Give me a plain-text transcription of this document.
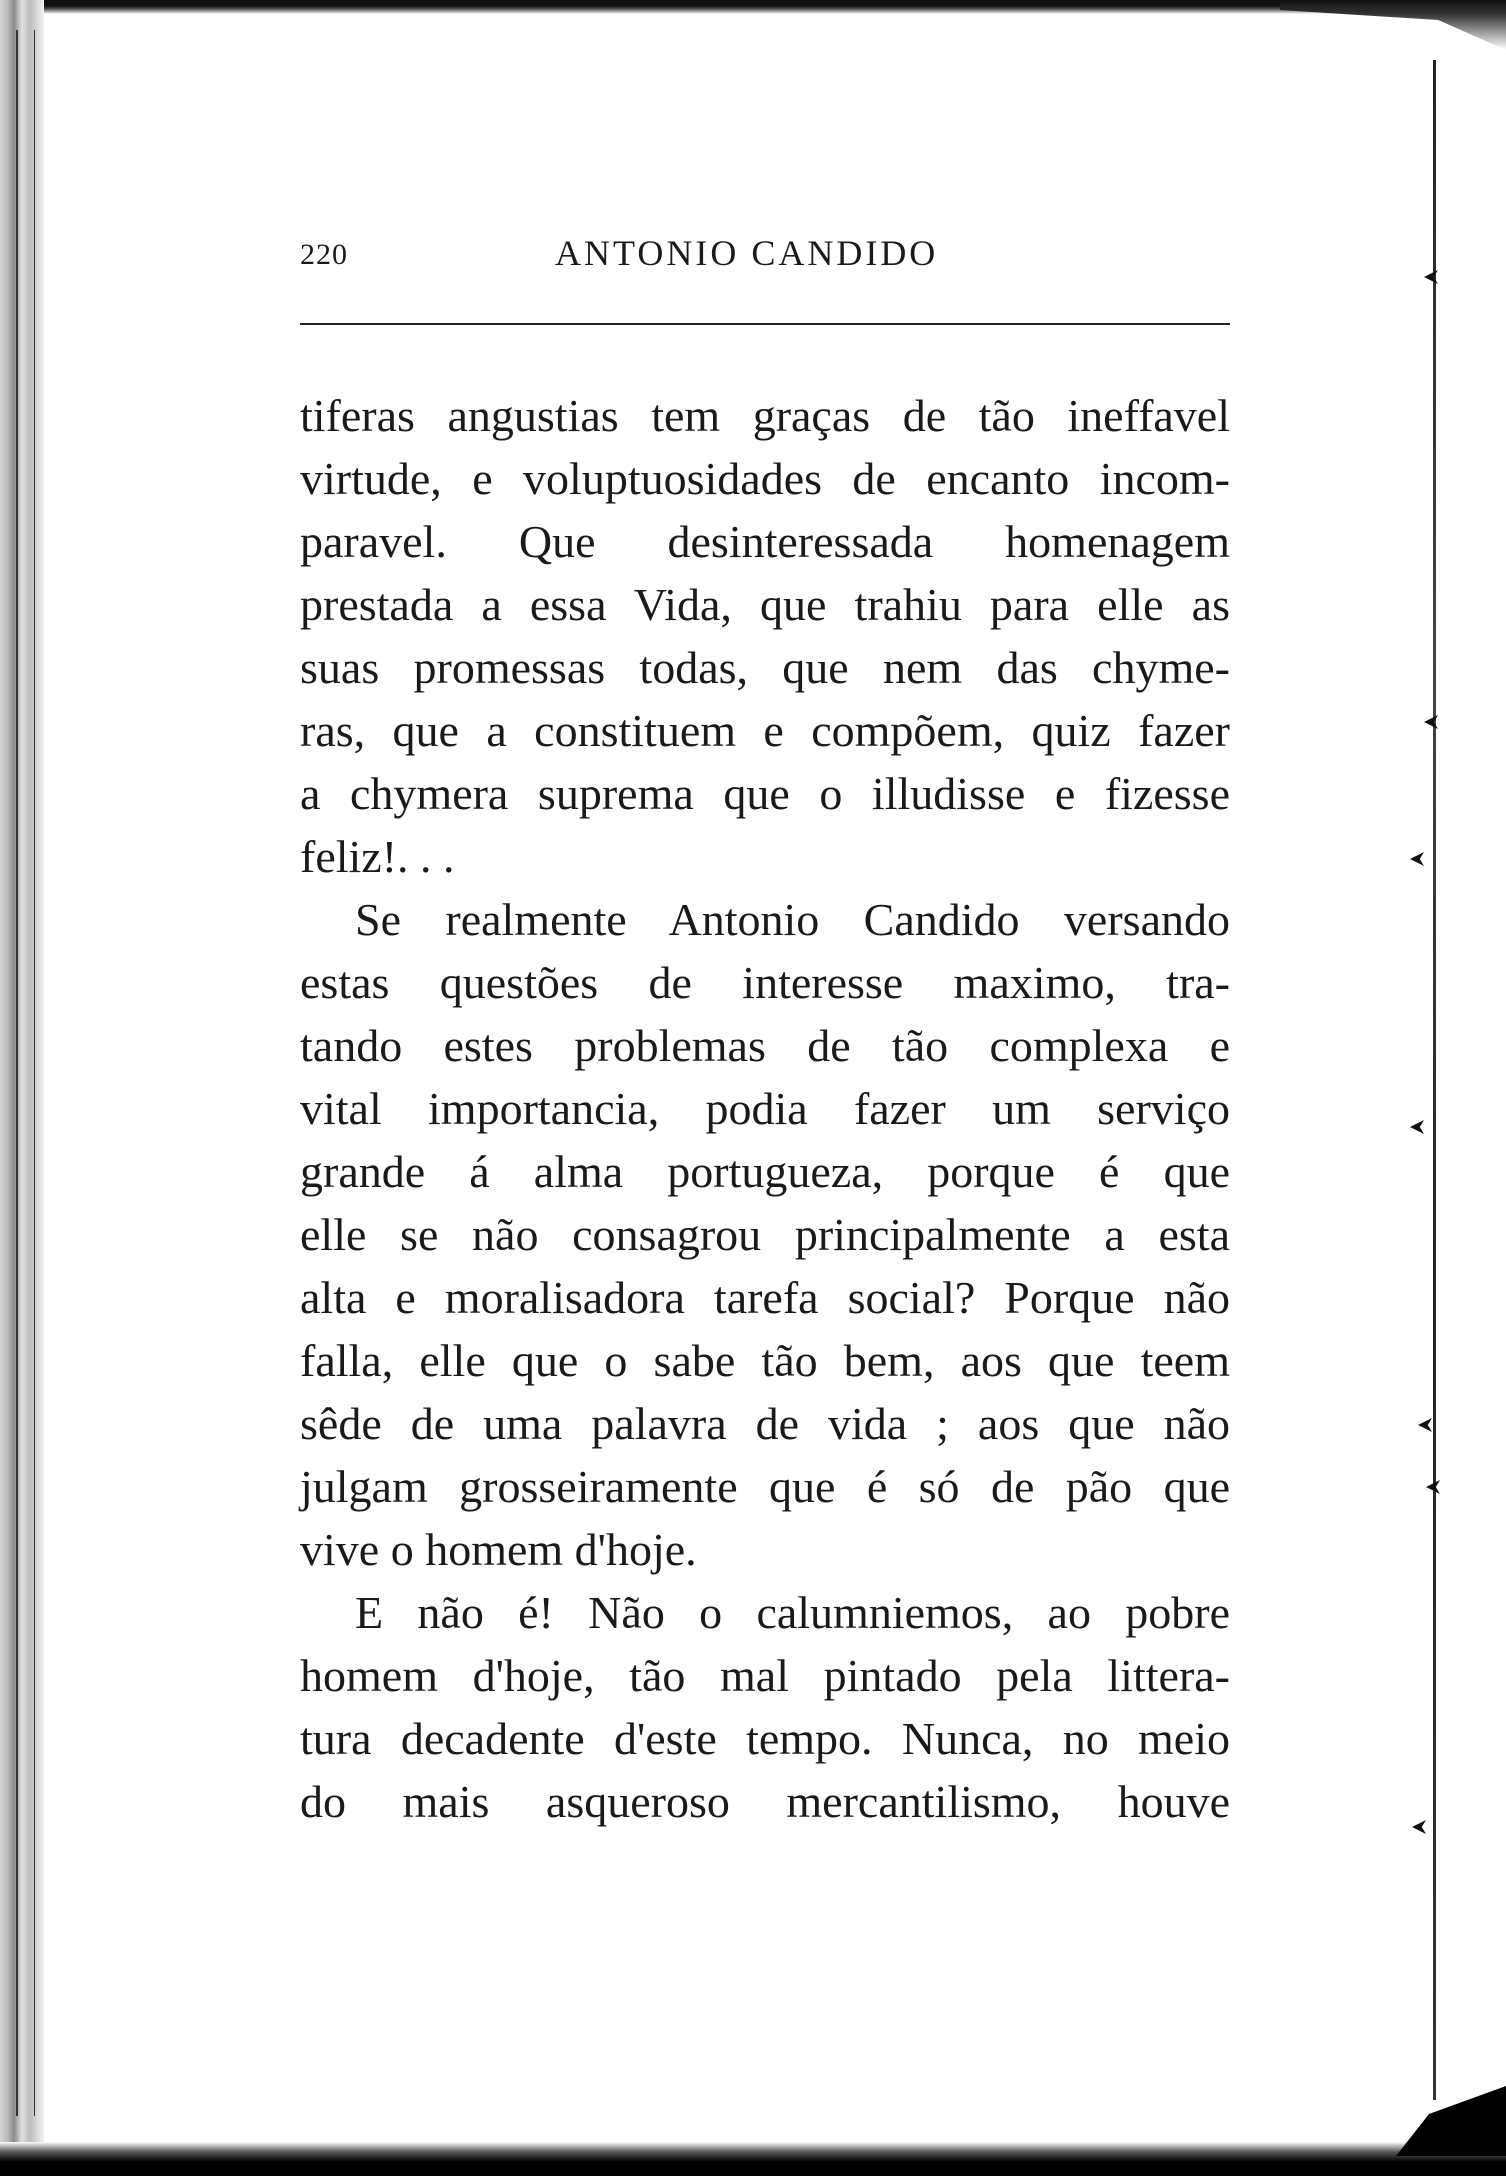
220	ANTONIO CANDIDO
tiferas angustias tem graças de tão ineffavel
virtude, e voluptuosidades de encanto incom-
paravel. Que desinteressada homenagem
prestada a essa Vida, que trahiu para elle as
suas promessas todas, que nem das chyme-
ras, que a constituem e compõem, quiz fazer
a chymera suprema que o illudisse e fizesse
feliz!. . .
Se realmente Antonio Candido versando
estas questões de interesse maximo, tra-
tando estes problemas de tão complexa e
vital importancia, podia fazer um serviço
grande á alma portugueza, porque é que
elle se não consagrou principalmente a esta
alta e moralisadora tarefa social? Porque não
falla, elle que o sabe tão bem, aos que teem
sêde de uma palavra de vida ; aos que não
julgam grosseiramente que é só de pão que
vive o homem d'hoje.
E não é! Não o calumniemos, ao pobre
homem d'hoje, tão mal pintado pela littera-
tura decadente d'este tempo. Nunca, no meio
do mais asqueroso mercantilismo, houve
